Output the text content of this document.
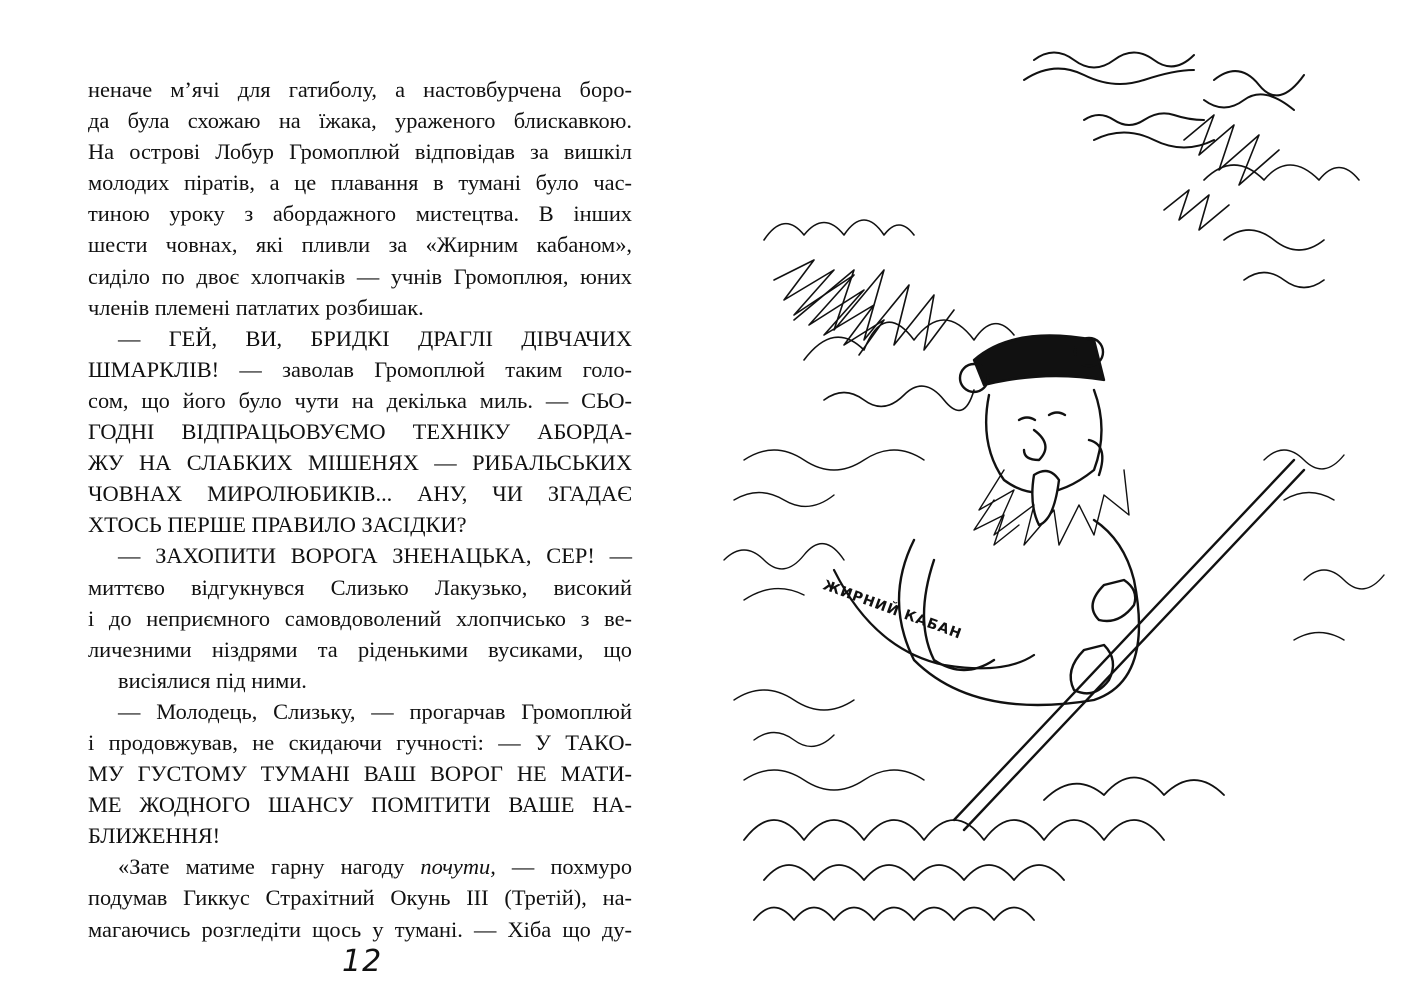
неначе м’ячі для гатиболу, а настовбурчена боро-
да була схожаю на їжака, ураженого блискавкою.
На острові Лобур Громоплюй відповідав за вишкіл
молодих піратів, а це плавання в тумані було час-
тиною уроку з абордажного мистецтва. В інших
шести човнах, які пливли за «Жирним кабаном»,
сиділо по двоє хлопчаків — учнів Громоплюя, юних
членів племені патлатих розбишак.
— ГЕЙ, ВИ, БРИДКІ ДРАГЛІ ДІВЧАЧИХ
ШМАРКЛІВ! — заволав Громоплюй таким голо-
сом, що його було чути на декілька миль. — СЬО-
ГОДНІ ВІДПРАЦЬОВУЄМО ТЕХНІКУ АБОРДА-
ЖУ НА СЛАБКИХ МІШЕНЯХ — РИБАЛЬСЬКИХ
ЧОВНАХ МИРОЛЮБИКІВ... АНУ, ЧИ ЗГАДАЄ
ХТОСЬ ПЕРШЕ ПРАВИЛО ЗАСІДКИ?
— ЗАХОПИТИ ВОРОГА ЗНЕНАЦЬКА, СЕР! —
миттєво відгукнувся Слизько Лакузько, високий
і до неприємного самовдоволений хлопчисько з ве-
личезними ніздрями та ріденькими вусиками, що
висіялися під ними.
— Молодець, Слизьку, — прогарчав Громоплюй
і продовжував, не скидаючи гучності: — У ТАКО-
МУ ГУСТОМУ ТУМАНІ ВАШ ВОРОГ НЕ МАТИ-
МЕ ЖОДНОГО ШАНСУ ПОМІТИТИ ВАШЕ НА-
БЛИЖЕННЯ!
«Зате матиме гарну нагоду почути, — похмуро
подумав Гиккус Страхітний Окунь ІІІ (Третій), на-
магаючись розгледіти щось у тумані. — Хіба що ду-
12
ЖИРНИЙ КАБАН
